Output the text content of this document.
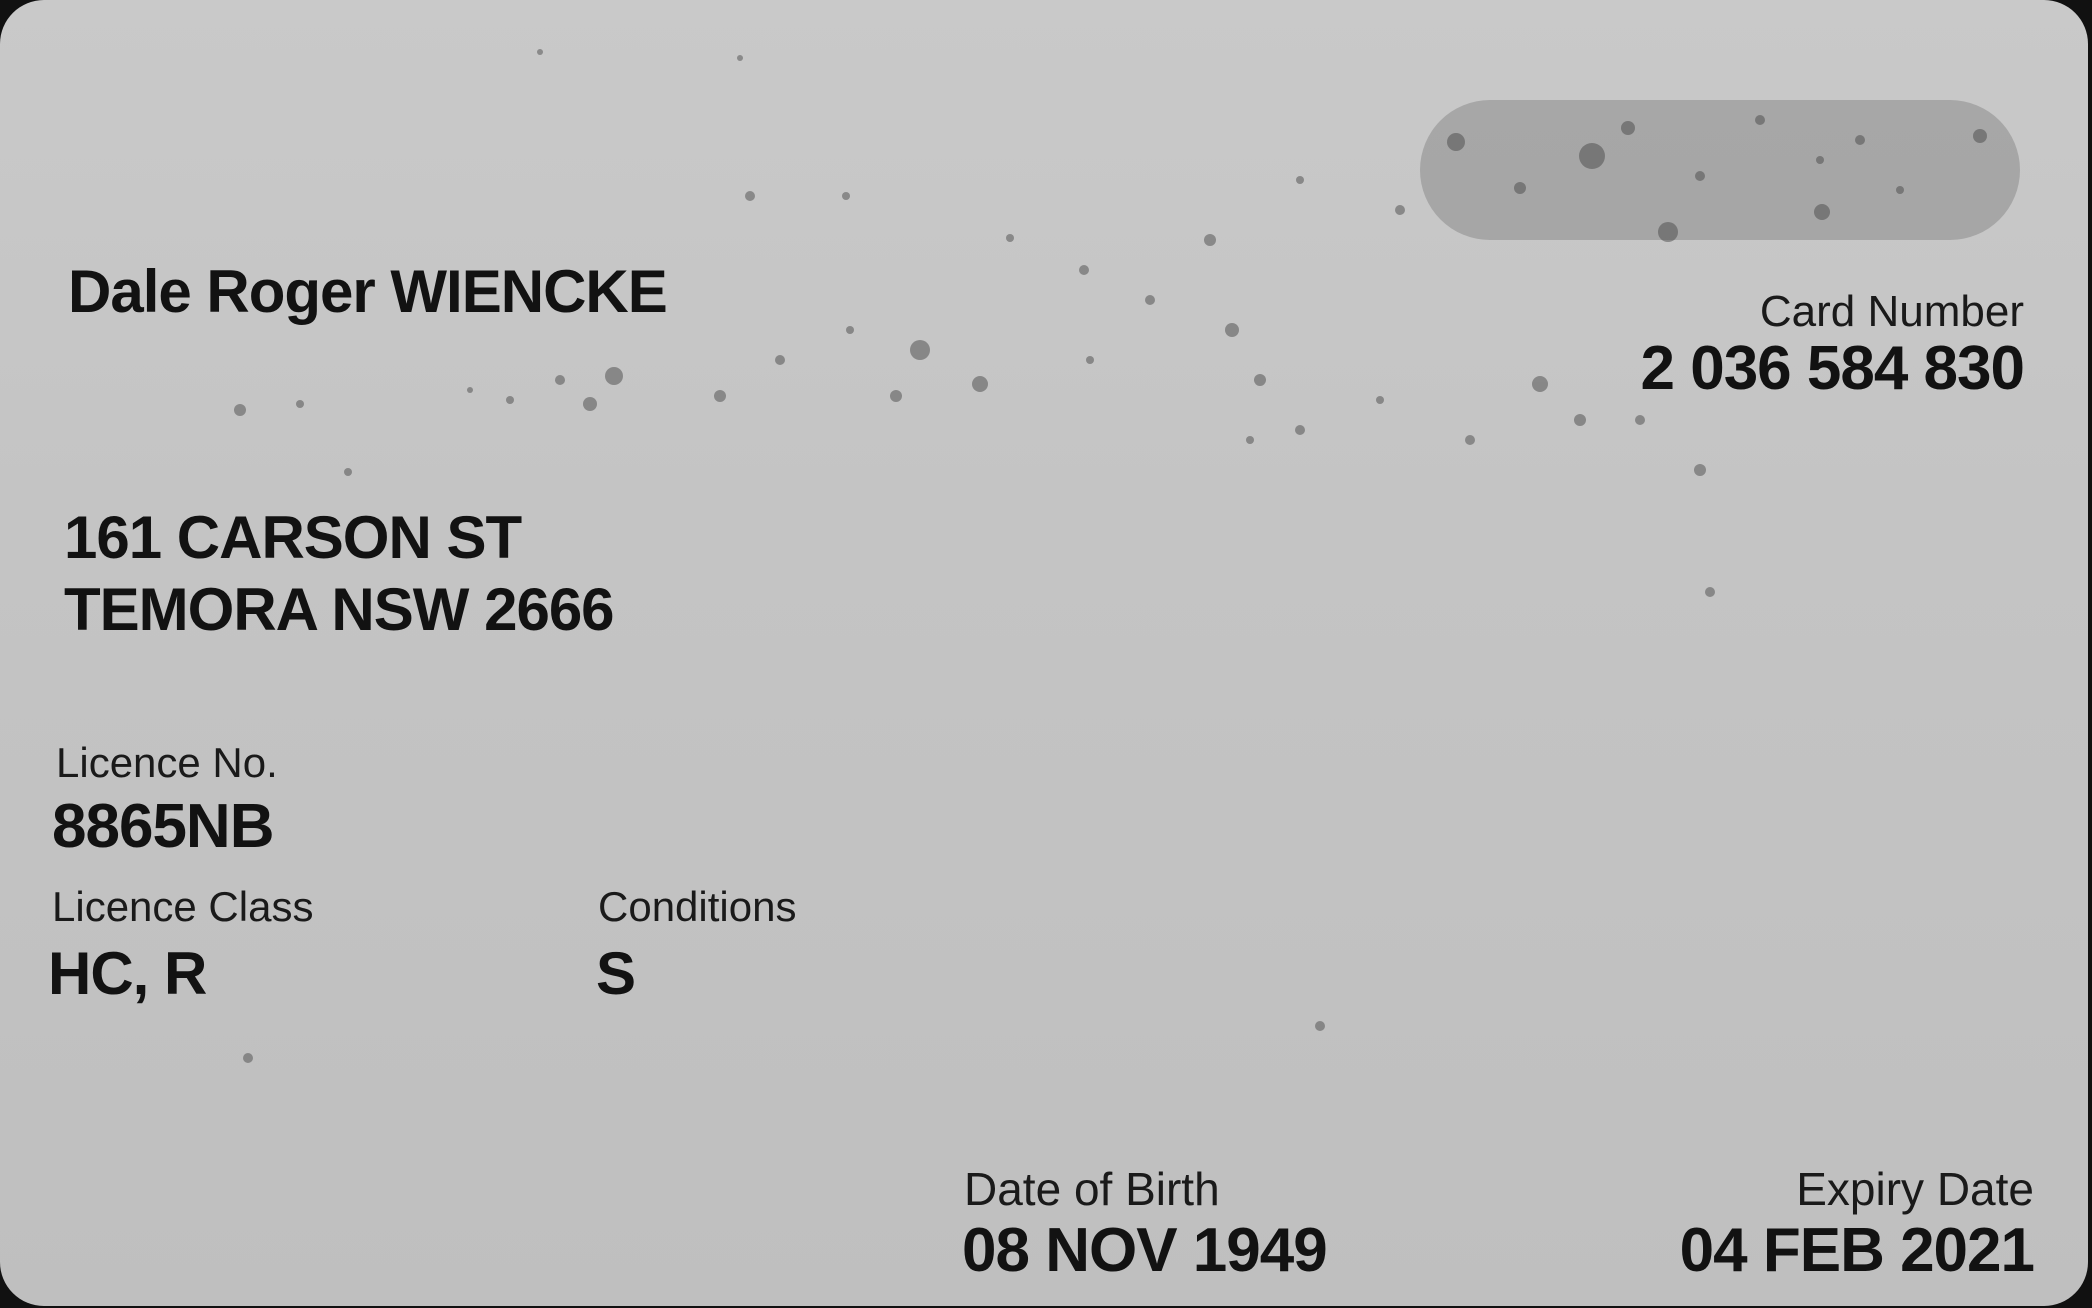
Dale Roger WIENCKE	Card Number
2 036 584 830
161 CARSON ST
TEMORA NSW 2666
Licence No.
8865NB
Licence Class
HC, R
Conditions
S
Date of Birth
08 NOV 1949
Expiry Date
04 FEB 2021
